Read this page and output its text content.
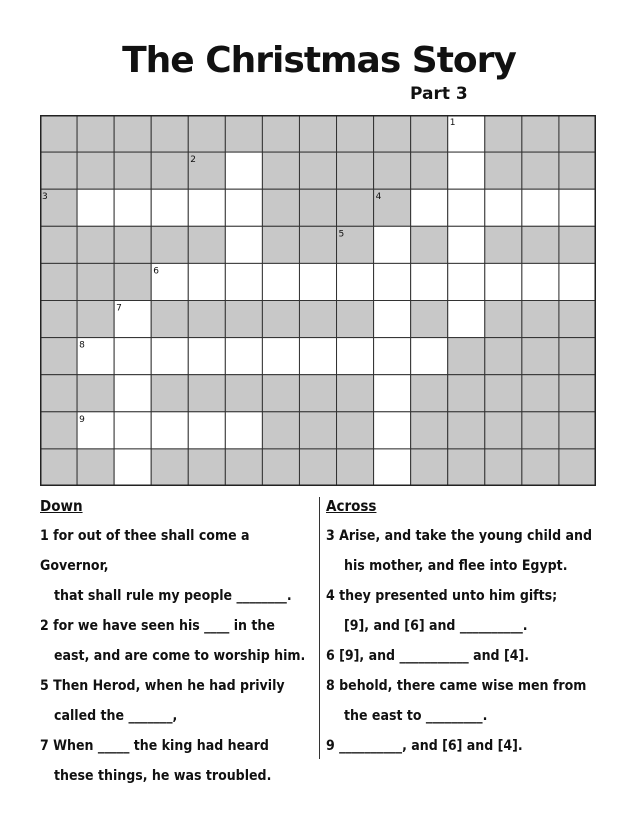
The Christmas Story
Part 3
1
2
3	4
5
6
7
8
9
Down
1 for out of thee shall come a Governor,
that shall rule my people ________.
2 for we have seen his ____ in the
east, and are come to worship him.
5 Then Herod, when he had privily
called the _______,
7 When _____ the king had heard
these things, he was troubled.
Across
3 Arise, and take the young child and
his mother, and flee into Egypt.
4 they presented unto him gifts;
[9], and [6] and __________.
6 [9], and ___________ and [4].
8 behold, there came wise men from
the east to _________.
9 __________, and [6] and [4].
